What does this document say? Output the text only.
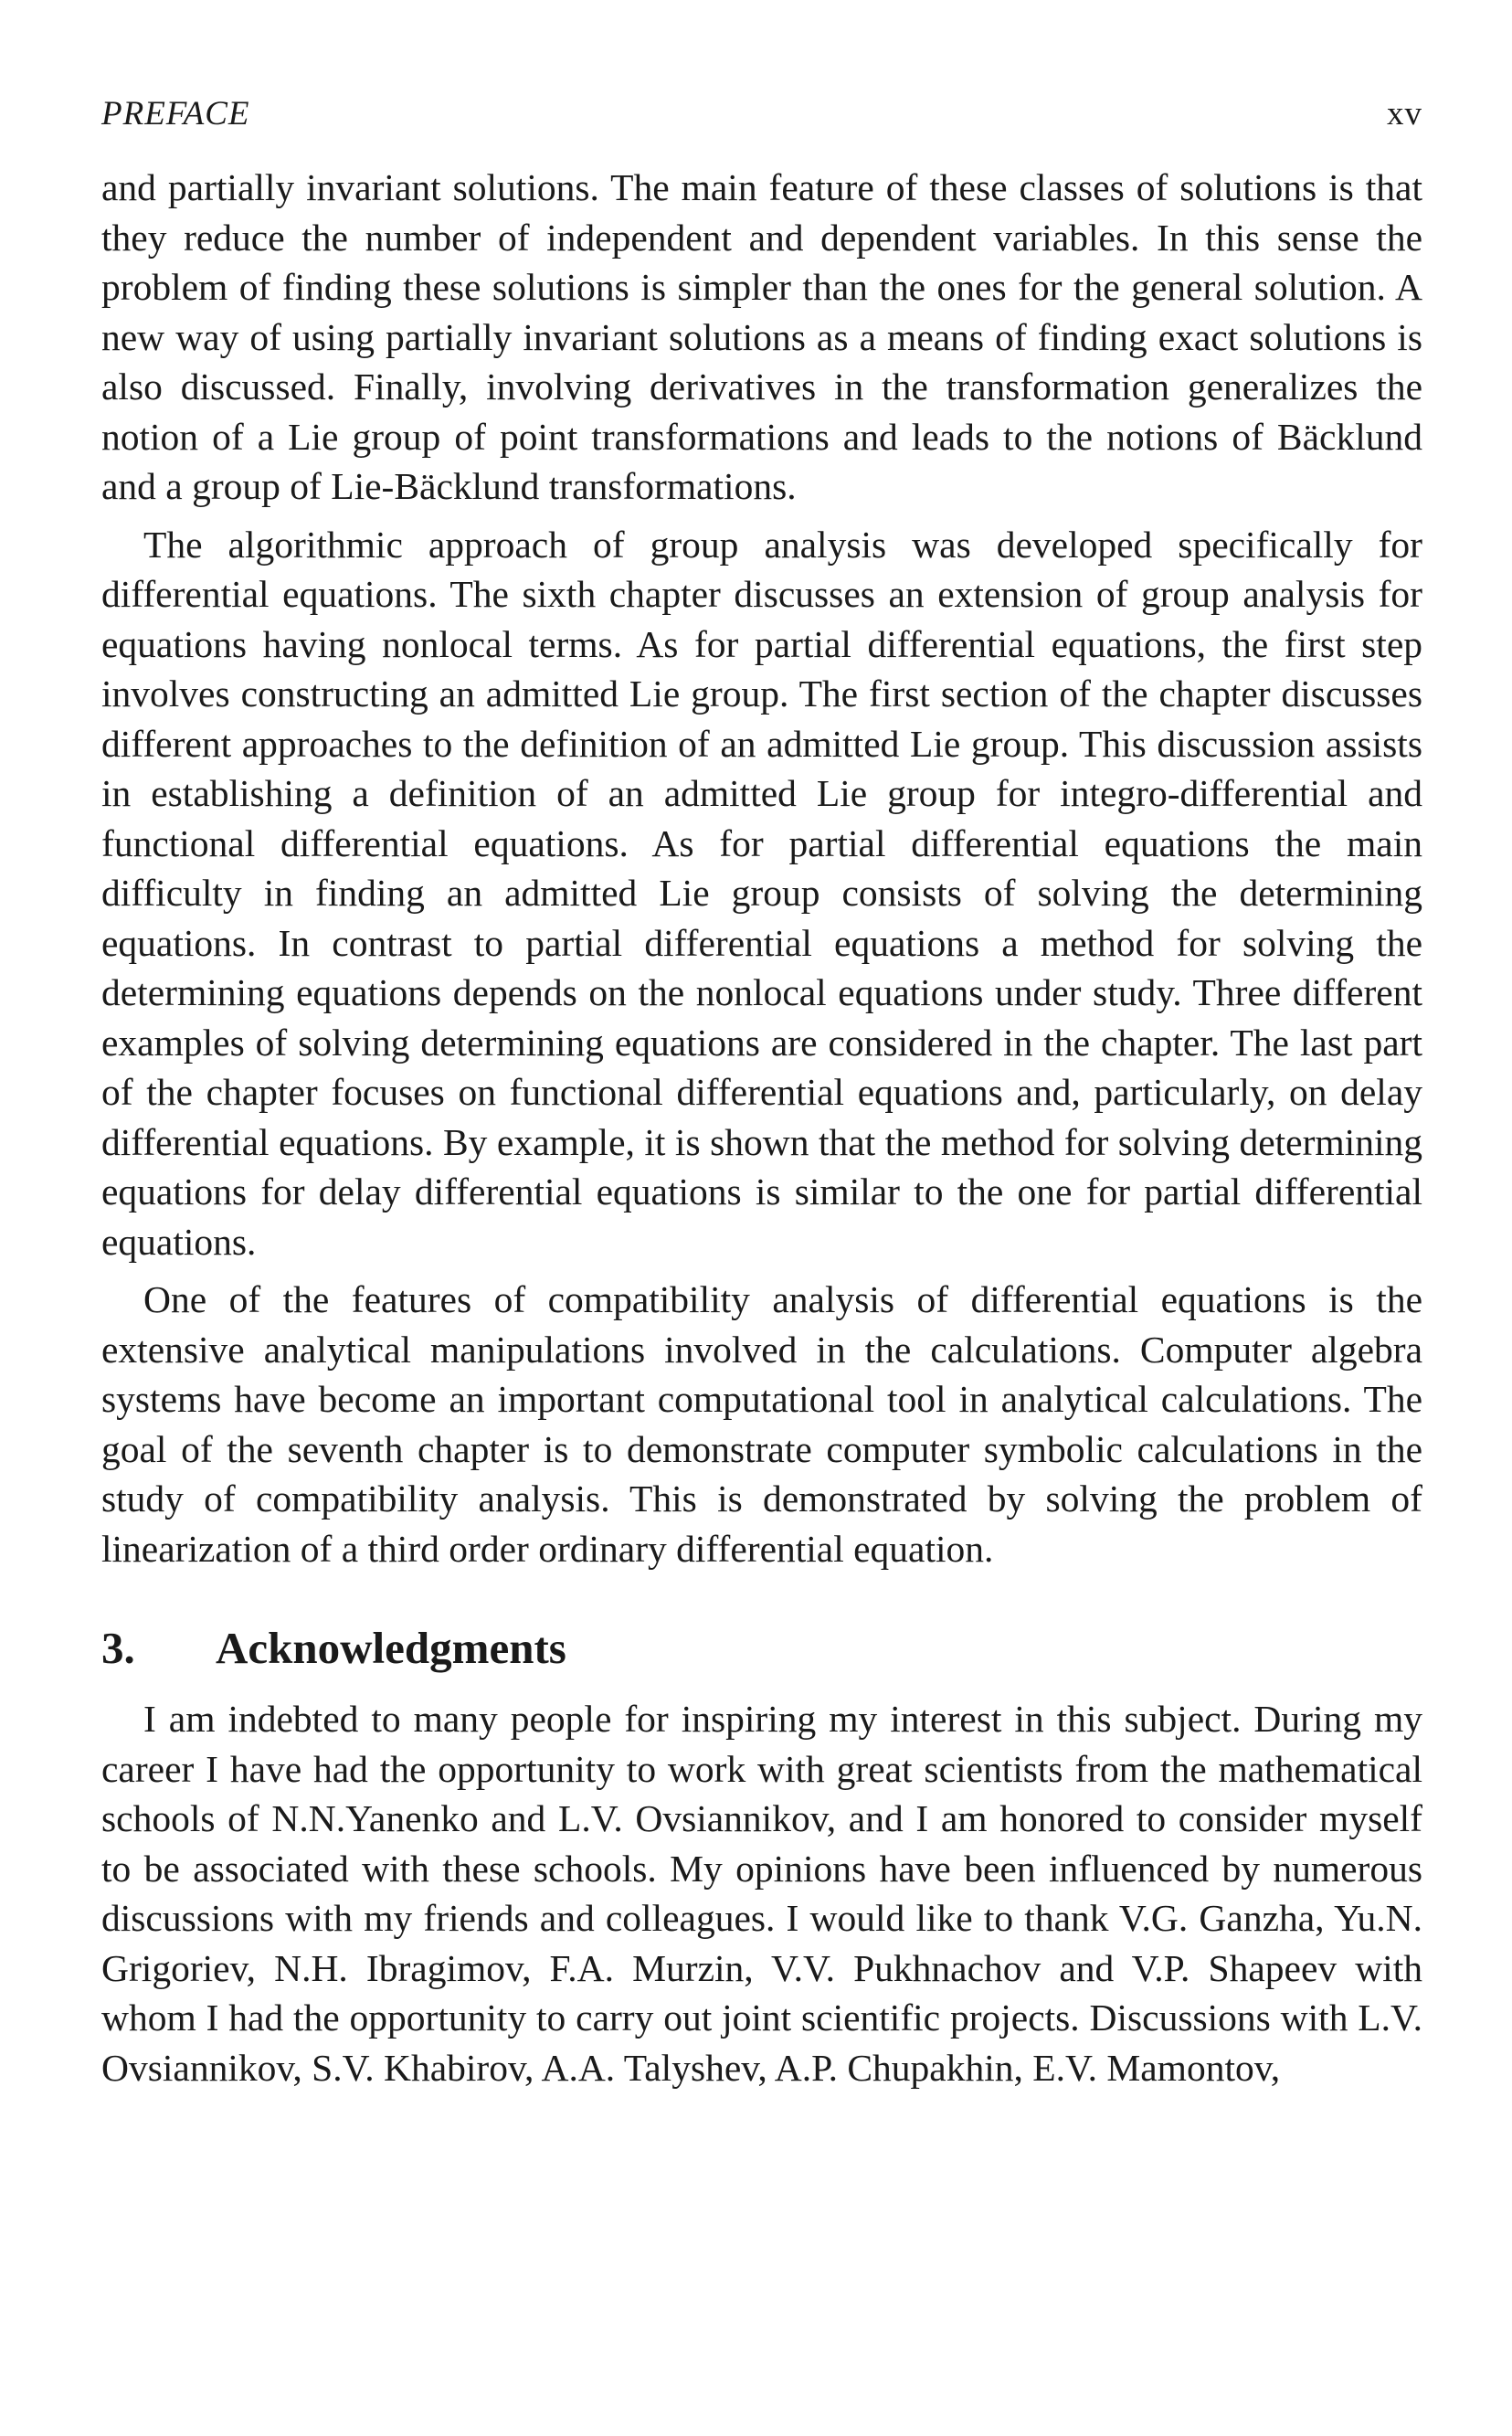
PREFACE	xv

and partially invariant solutions. The main feature of these classes of solutions is that they reduce the number of independent and dependent variables. In this sense the problem of finding these solutions is simpler than the ones for the general solution. A new way of using partially invariant solutions as a means of finding exact solutions is also discussed. Finally, involving derivatives in the transformation generalizes the notion of a Lie group of point transformations and leads to the notions of Bäcklund and a group of Lie-Bäcklund transformations.

The algorithmic approach of group analysis was developed specifically for differential equations. The sixth chapter discusses an extension of group analysis for equations having nonlocal terms. As for partial differential equations, the first step involves constructing an admitted Lie group. The first section of the chapter discusses different approaches to the definition of an admitted Lie group. This discussion assists in establishing a definition of an admitted Lie group for integro-differential and functional differential equations. As for partial differential equations the main difficulty in finding an admitted Lie group consists of solving the determining equations. In contrast to partial differential equations a method for solving the determining equations depends on the nonlocal equations under study. Three different examples of solving determining equations are considered in the chapter. The last part of the chapter focuses on functional differential equations and, particularly, on delay differential equations. By example, it is shown that the method for solving determining equations for delay differential equations is similar to the one for partial differential equations.

One of the features of compatibility analysis of differential equations is the extensive analytical manipulations involved in the calculations. Computer algebra systems have become an important computational tool in analytical calculations. The goal of the seventh chapter is to demonstrate computer symbolic calculations in the study of compatibility analysis. This is demonstrated by solving the problem of linearization of a third order ordinary differential equation.

3.	Acknowledgments

I am indebted to many people for inspiring my interest in this subject. During my career I have had the opportunity to work with great scientists from the mathematical schools of N.N.Yanenko and L.V. Ovsiannikov, and I am honored to consider myself to be associated with these schools. My opinions have been influenced by numerous discussions with my friends and colleagues. I would like to thank V.G. Ganzha, Yu.N. Grigoriev, N.H. Ibragimov, F.A. Murzin, V.V. Pukhnachov and V.P. Shapeev with whom I had the opportunity to carry out joint scientific projects. Discussions with L.V. Ovsiannikov, S.V. Khabirov, A.A. Talyshev, A.P. Chupakhin, E.V. Mamontov,
